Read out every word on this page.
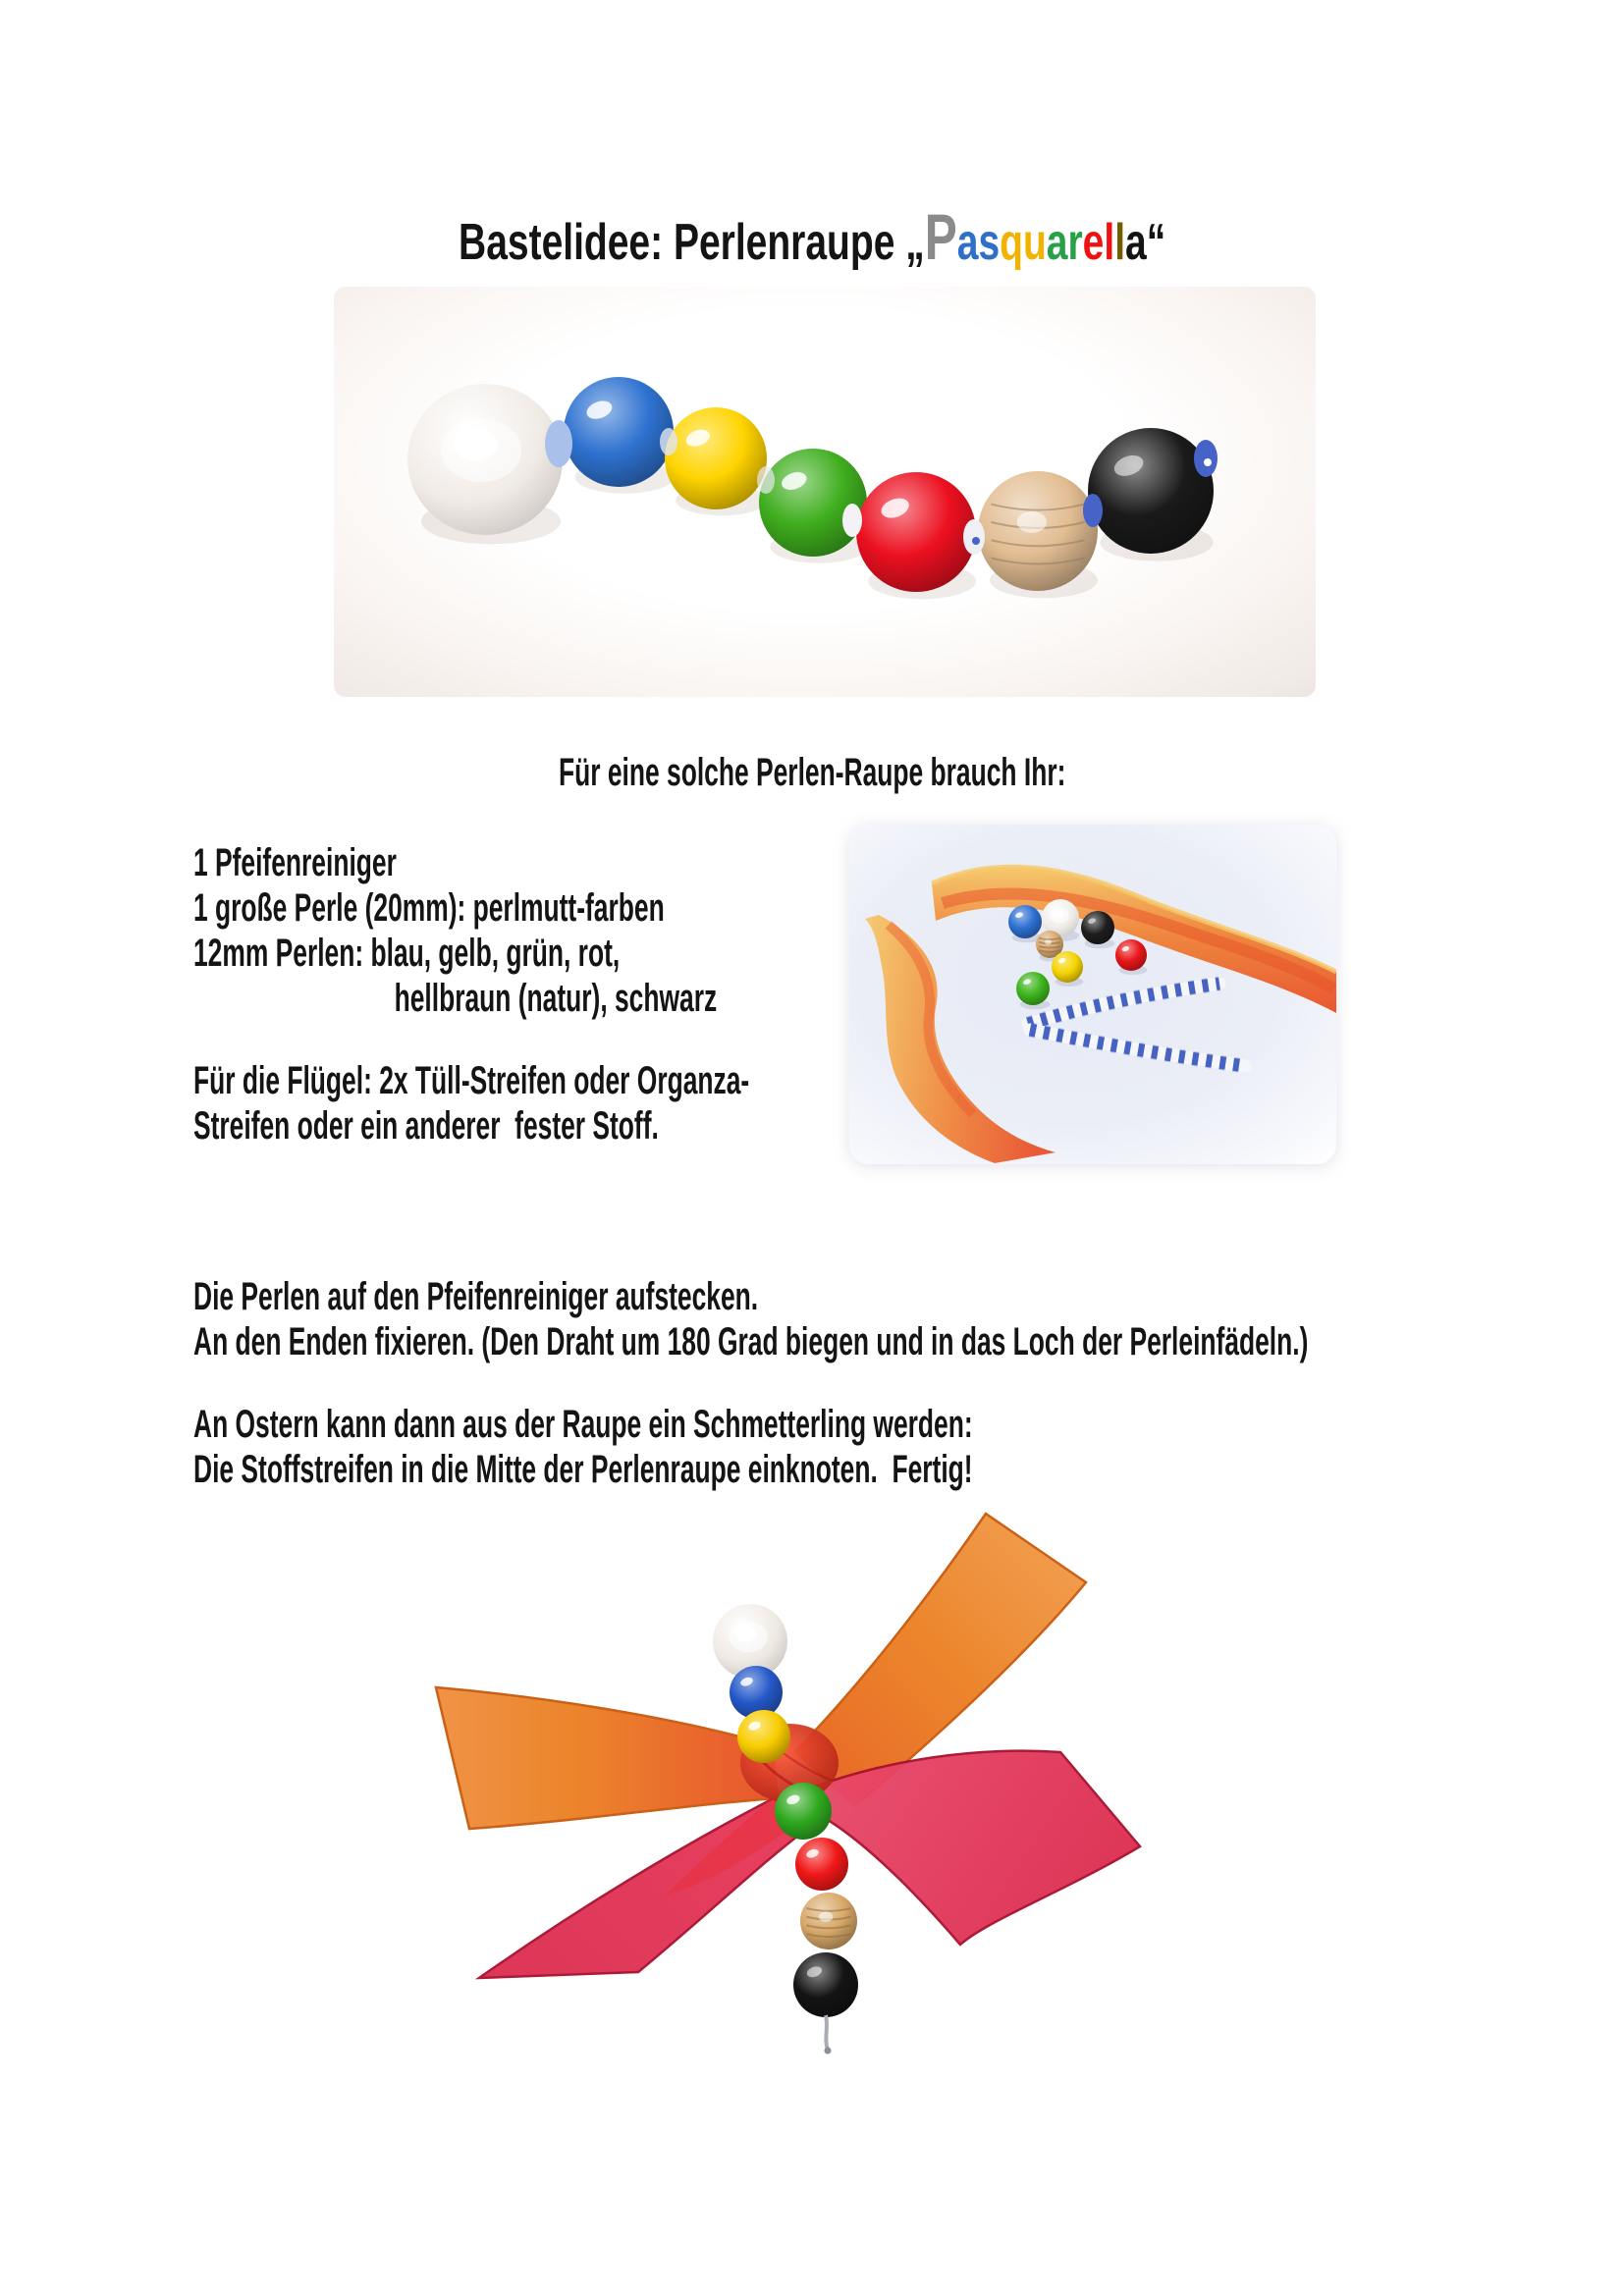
Bastelidee: Perlenraupe „Pasquarella“
Für eine solche Perlen-Raupe brauch Ihr:
1 Pfeifenreiniger
1 große Perle (20mm): perlmutt-farben
12mm Perlen: blau, gelb, grün, rot,
hellbraun (natur), schwarz
Für die Flügel: 2x Tüll-Streifen oder Organza-
Streifen oder ein anderer  fester Stoff.
Die Perlen auf den Pfeifenreiniger aufstecken.
An den Enden fixieren. (Den Draht um 180 Grad biegen und in das Loch der Perleinfädeln.)
An Ostern kann dann aus der Raupe ein Schmetterling werden:
Die Stoffstreifen in die Mitte der Perlenraupe einknoten.  Fertig!
